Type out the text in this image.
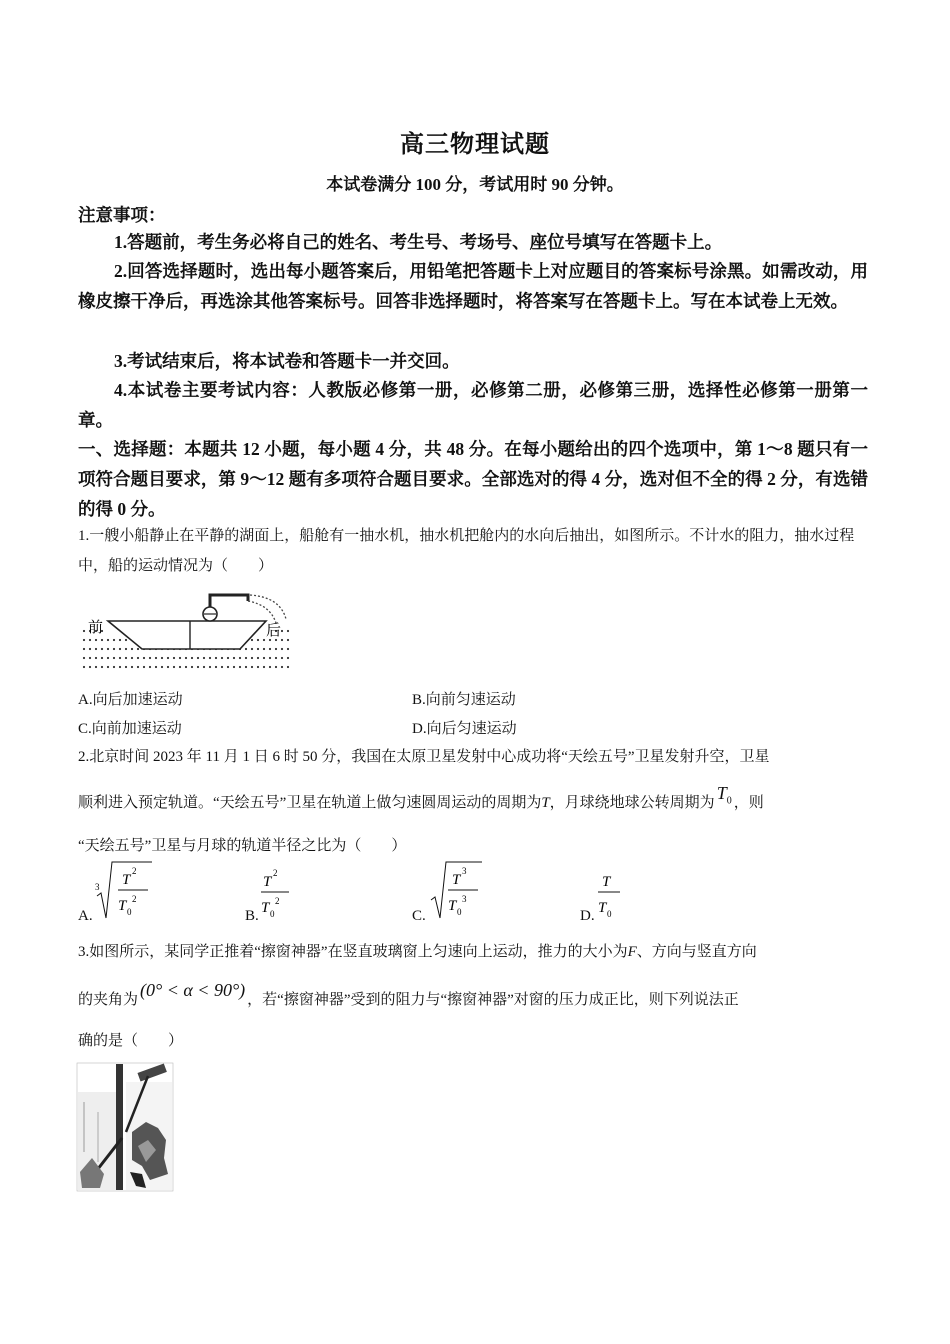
高三物理试题
本试卷满分 100 分，考试用时 90 分钟。
注意事项：
1.答题前，考生务必将自己的姓名、考生号、考场号、座位号填写在答题卡上。
2.回答选择题时，选出每小题答案后，用铅笔把答题卡上对应题目的答案标号涂黑。如需改动，用橡皮擦干净后，再选涂其他答案标号。回答非选择题时，将答案写在答题卡上。写在本试卷上无效。
3.考试结束后，将本试卷和答题卡一并交回。
4.本试卷主要考试内容：人教版必修第一册，必修第二册，必修第三册，选择性必修第一册第一章。
一、选择题：本题共 12 小题，每小题 4 分，共 48 分。在每小题给出的四个选项中，第 1～8 题只有一项符合题目要求，第 9～12 题有多项符合题目要求。全部选对的得 4 分，选对但不全的得 2 分，有选错的得 0 分。
1.一艘小船静止在平静的湖面上，船舱有一抽水机，抽水机把舱内的水向后抽出，如图所示。不计水的阻力，抽水过程中，船的运动情况为（　　）
前	后
A.向后加速运动	B.向前匀速运动
C.向前加速运动	D.向后匀速运动
2.北京时间 2023 年 11 月 1 日 6 时 50 分，我国在太原卫星发射中心成功将“天绘五号”卫星发射升空，卫星
顺利进入预定轨道。“天绘五号”卫星在轨道上做匀速圆周运动的周期为T，月球绕地球公转周期为 $T_0$ ，则
“天绘五号”卫星与月球的轨道半径之比为（　　）
A.
3 T
2
T 0
2
B.
T
2
T 0
2
C.
T
3
T 0
3
D.
T
T 0
3.如图所示，某同学正推着“擦窗神器”在竖直玻璃窗上匀速向上运动，推力的大小为F、方向与竖直方向
的夹角为 (0° < α < 90°) ，若“擦窗神器”受到的阻力与“擦窗神器”对窗的压力成正比，则下列说法正
确的是（　　）
